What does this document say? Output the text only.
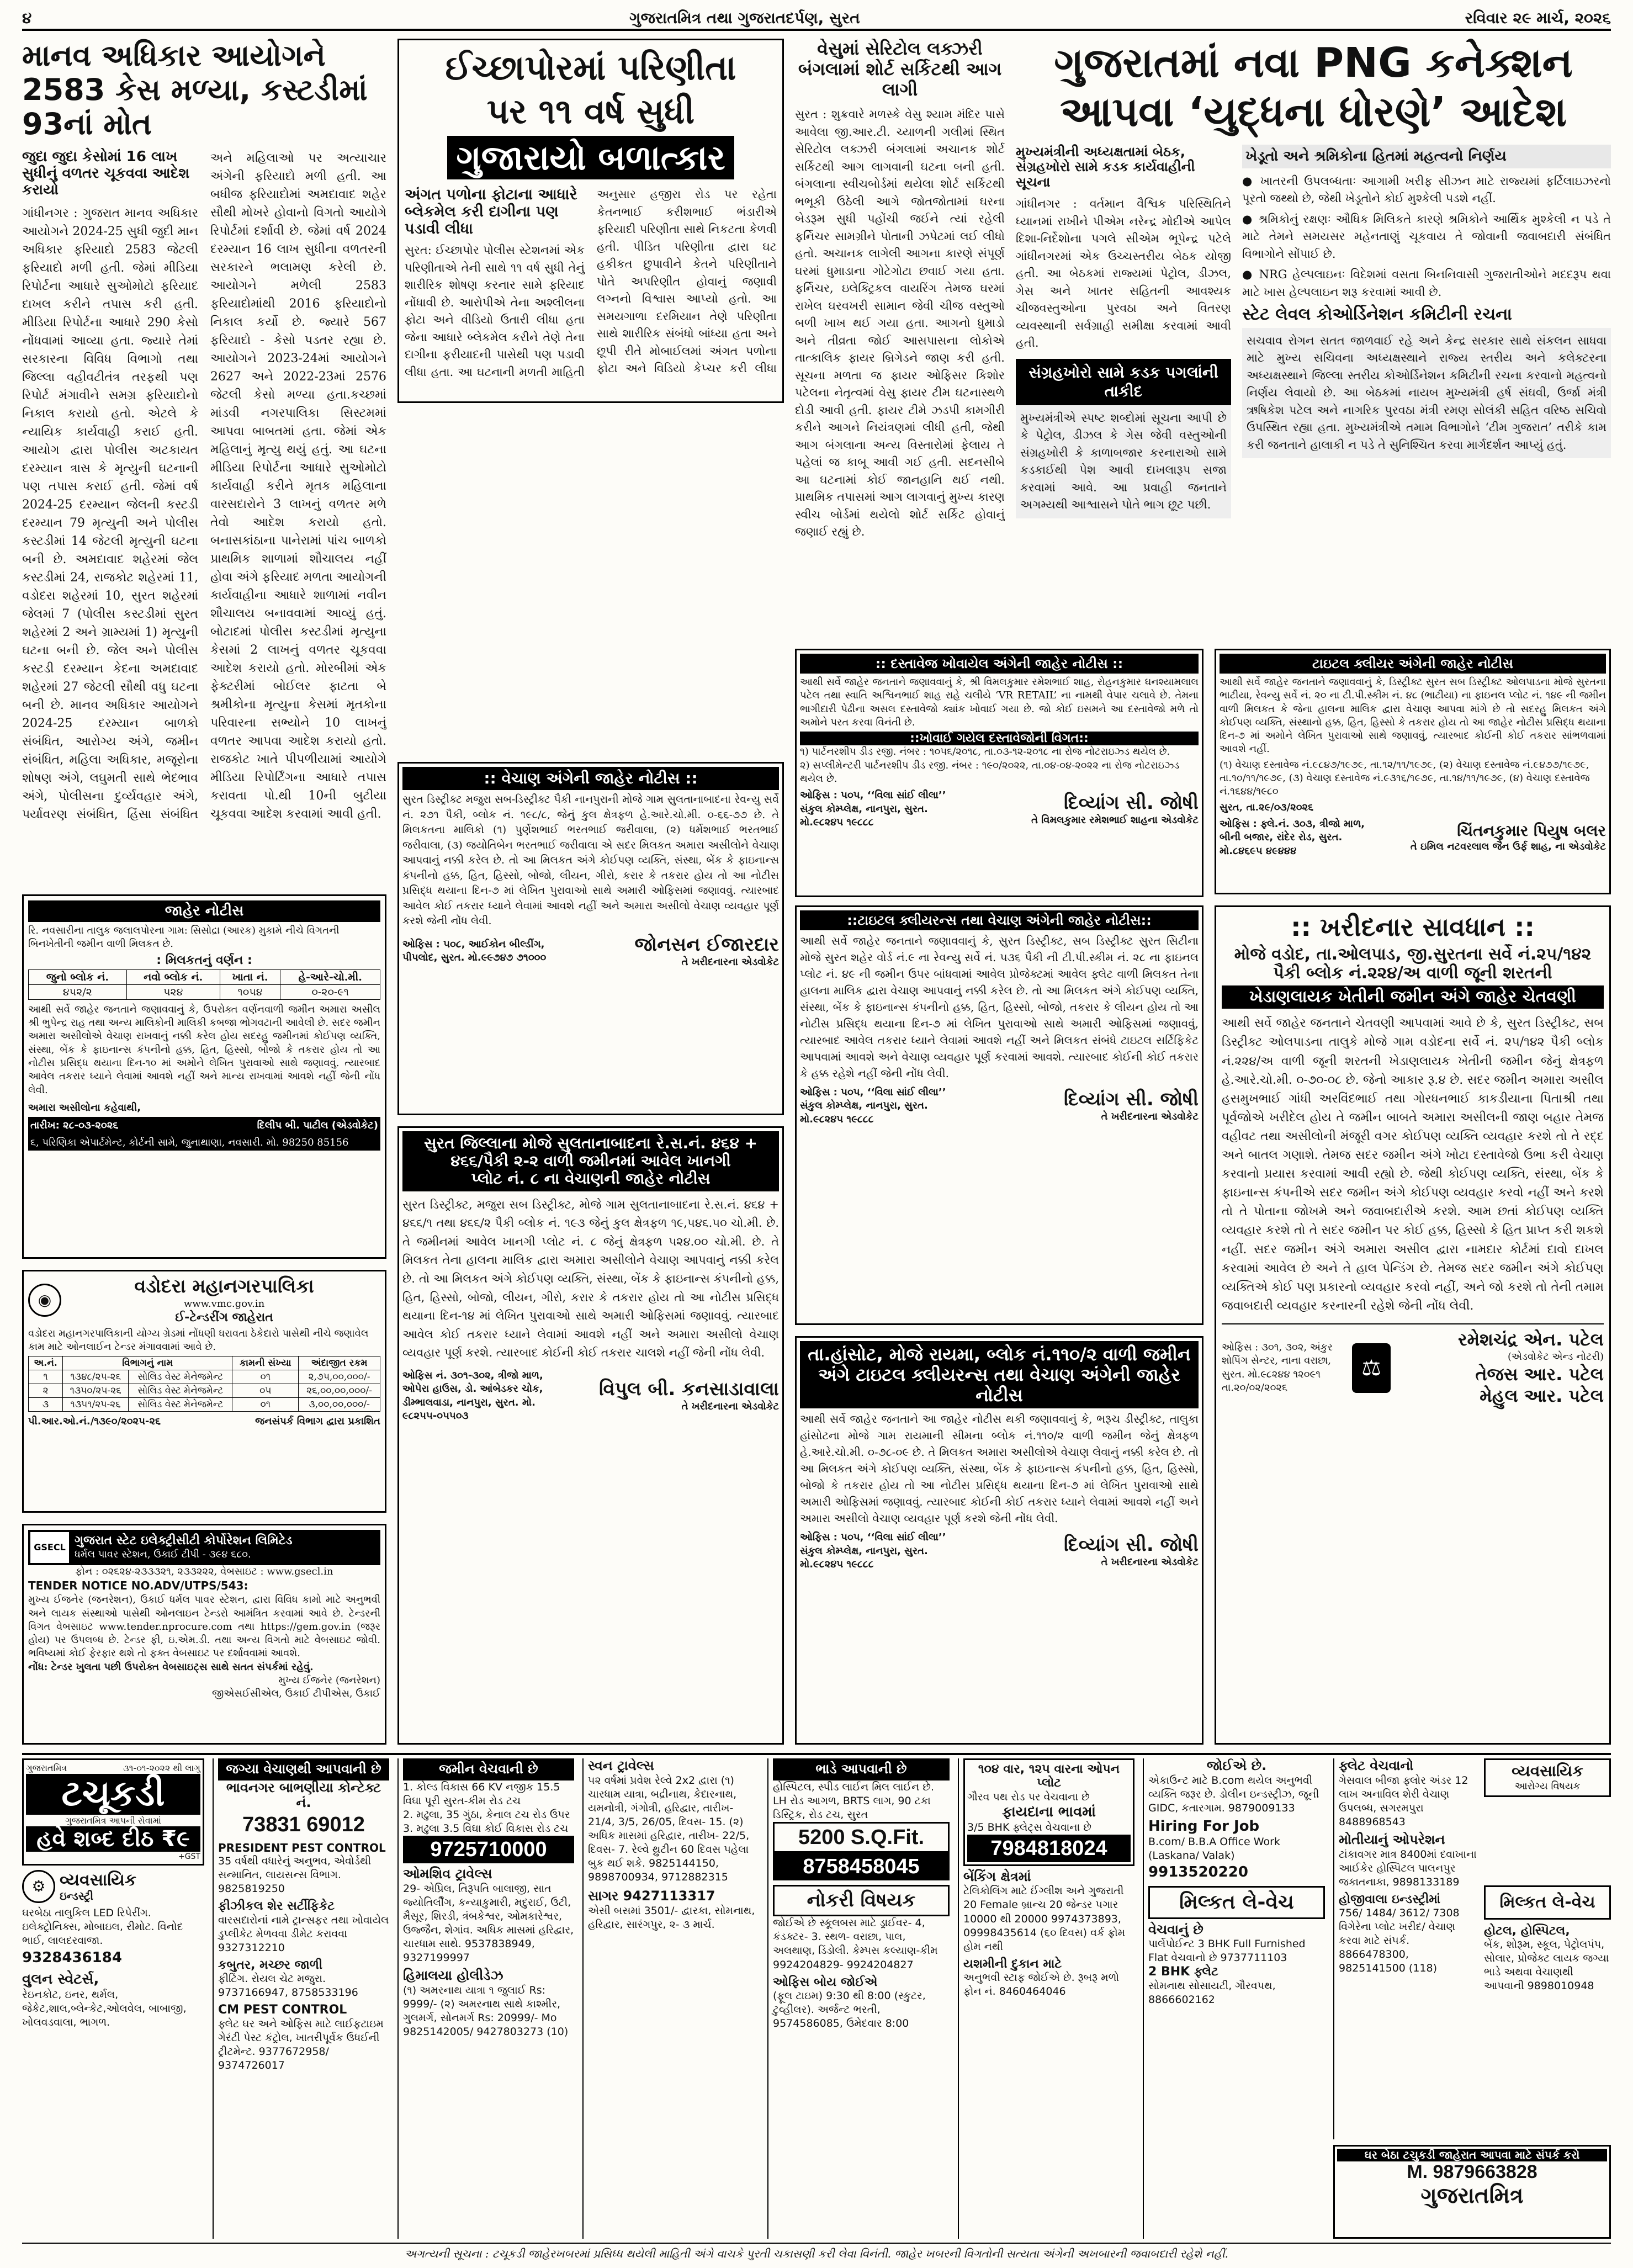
૪	ગુજરાતમિત્ર તથા ગુજરાતદર્પણ, સુરત	રવિવાર ૨૯ માર્ચ, ૨૦૨૬
માનવ અધિકાર આયોગને 2583 કેસ મળ્યા, કસ્ટડીમાં 93નાં મોત
જુદા જુદા કેસોમાં 16 લાખ સુધીનું વળતર ચૂકવવા આદેશ કરાયો
ગાંધીનગર : ગુજરાત માનવ અધિકાર આયોગને 2024-25 સુધી જુદી માન અધિકાર ફરિયાદો 2583 જેટલી ફરિયાદો મળી હતી. જેમાં મીડિયા રિપોર્ટના આધારે સુઓમોટો ફરિયાદ દાખલ કરીને તપાસ કરી હતી. મીડિયા રિપોર્ટના આધારે 290 કેસો નોંધવામાં આવ્યા હતા. જ્યારે તેમાં સરકારના વિવિધ વિભાગો તથા જિલ્લા વહીવટીતંત્ર તરફથી પણ રિપોર્ટ મંગાવીને સમગ્ર ફરિયાદોનો નિકાલ કરાયો હતો. એટલે કે ન્યાયિક કાર્યવાહી કરાઈ હતી. આયોગ દ્વારા પોલીસ અટકાયત દરમ્યાન ત્રાસ કે મૃત્યુની ઘટનાની પણ તપાસ કરાઈ હતી. જેમાં વર્ષ 2024-25 દરમ્યાન જેલની કસ્ટડી દરમ્યાન 79 મૃત્યુની અને પોલીસ કસ્ટડીમાં 14 જેટલી મૃત્યુની ઘટના બની છે. અમદાવાદ શહેરમાં જેલ કસ્ટડીમાં 24, રાજકોટ શહેરમાં 11, વડોદરા શહેરમાં 10, સુરત શહેરમાં જેલમાં 7 (પોલીસ કસ્ટડીમાં સુરત શહેરમાં 2 અને ગ્રામ્યમાં 1) મૃત્યુની ઘટના બની છે. જેલ અને પોલીસ કસ્ટડી દરમ્યાન કેદના અમદાવાદ શહેરમાં 27 જેટલી સૌથી વધુ ઘટના બની છે. માનવ અધિકાર આયોગને 2024-25 દરમ્યાન બાળકો સંબંધિત, આરોગ્ય અંગે, જમીન સંબંધિત, મહિલા અધિકાર, મજૂરોના શોષણ અંગે, લઘુમતી સાથે ભેદભાવ અંગે, પોલીસના દુર્વ્યવહાર અંગે, પર્યાવરણ સંબંધિત, હિંસા સંબંધિત અને મહિલાઓ પર અત્યાચાર અંગેની ફરિયાદો મળી હતી. આ બધીજ ફરિયાદોમાં અમદાવાદ શહેર સૌથી મોખરે હોવાનો વિગતો આયોગે રિપોર્ટમાં દર્શાવી છે. જેમાં વર્ષ 2024 દરમ્યાન 16 લાખ સુધીના વળતરની સરકારને ભલામણ કરેલી છે. આયોગને મળેલી 2583 ફરિયાદોમાંથી 2016 ફરિયાદોનો નિકાલ કર્યો છે. જ્યારે 567 ફરિયાદો - કેસો પડતર રહ્યા છે. આયોગને 2023-24માં આયોગને 2627 અને 2022-23માં 2576 જેટલી કેસો મળ્યા હતા.કચ્છમાં માંડવી નગરપાલિકા સિસ્ટમમાં આપવા બાબતમાં હતા. જેમાં એક મહિલાનું મૃત્યુ થયું હતું. આ ઘટના મીડિયા રિપોર્ટના આધારે સુઓમોટો કાર્યવાહી કરીને મૃતક મહિલાના વારસદારોને 3 લાખનું વળતર મળે તેવો આદેશ કરાયો હતો. બનાસકાંઠાના પાનેરામાં પાંચ બાળકો પ્રાથમિક શાળામાં શૌચાલય નહીં હોવા અંગે ફરિયાદ મળતા આયોગની કાર્યવાહીના આધારે શાળામાં નવીન શૌચાલય બનાવવામાં આવ્યું હતું. બોટાદમાં પોલીસ કસ્ટડીમાં મૃત્યુના કેસમાં 2 લાખનું વળતર ચૂકવવા આદેશ કરાયો હતો. મોરબીમાં એક ફેક્ટરીમાં બોઈલર ફાટતા બે શ્રમીકોના મૃત્યુના કેસમાં મૃતકોના પરિવારના સભ્યોને 10 લાખનું વળતર આપવા આદેશ કરાયો હતો. રાજકોટ ખાતે પીપળીયામાં આયોગે મીડિયા રિપોર્ટિંગના આધારે તપાસ કરાવતા પો.થી 10ની બુટીયા ચૂકવવા આદેશ કરવામાં આવી હતી.
ઈચ્છાપોરમાં પરિણીતા
પર ૧૧ વર્ષ સુધી
ગુજારાયો બળાત્કાર
અંગત પળોના ફોટાના આધારે બ્લેકમેલ કરી દાગીના પણ પડાવી લીધા
સુરત: ઈચ્છાપોર પોલીસ સ્ટેશનમાં એક પરિણીતાએ તેની સાથે ૧૧ વર્ષ સુધી તેનું શારીરિક શોષણ કરનાર સામે ફરિયાદ નોંધાવી છે. આરોપીએ તેના અશ્લીલના ફોટા અને વીડિયો ઉતારી લીધા હતા જેના આધારે બ્લેકમેલ કરીને તેણે તેના દાગીના ફરીયાદની પાસેથી પણ પડાવી લીધા હતા. આ ઘટનાની મળતી માહિતી અનુસાર હજીરા રોડ પર રહેતા કેતનભાઈ કરીશભાઈ ભંડારીએ ફરિયાદી પરિણીતા સાથે નિકટતા કેળવી હતી. પીડિત પરિણીતા દ્વારા ઘટ હકીકત છુપાવીને કેતને પરિણીતાને પોતે અપરિણીત હોવાનું જણાવી લગ્નનો વિશ્વાસ આપ્યો હતો. આ સમયગાળા દરમિયાન તેણે પરિણીતા સાથે શારીરિક સંબંધો બાંધ્યા હતા અને છૂપી રીતે મોબાઈલમાં અંગત પળોના ફોટા અને વિડિયો કેપ્ચર કરી લીધા
વેસુમાં સેરિટોલ લક્ઝરી બંગલામાં શોર્ટ સર્કિટથી આગ લાગી
સુરત : શુક્રવારે મળસ્કે વેસુ શ્યામ મંદિર પાસે આવેલા જી.આર.ટી. ચ્યાળની ગલીમાં સ્થિત સેરિટોલ લક્ઝરી બંગલામાં અચાનક શોર્ટ સર્કિટથી આગ લાગવાની ઘટના બની હતી. બંગલાના સ્વીચબોર્ડમાં થયેલા શોર્ટ સર્કિટથી ભભૂકી ઉઠેલી આગે જોતજોતામાં ઘરના બેડરૂમ સુધી પહોંચી જઈને ત્યાં રહેલી ફર્નિચર સામગ્રીને પોતાની ઝપેટમાં લઈ લીધો હતો. અચાનક લાગેલી આગના કારણે સંપૂર્ણ ઘરમાં ધુમાડાના ગોટેગોટા છવાઈ ગયા હતા. ફર્નિચર, ઇલેક્ટ્રિકલ વાયરિંગ તેમજ ઘરમાં રાખેલ ઘરવખરી સામાન જેવી ચીજ વસ્તુઓ બળી ખાખ થઈ ગયા હતા. આગનો ધુમાડો અને તીવ્રતા જોઈ આસપાસના લોકોએ તાત્કાલિક ફાયર બ્રિગેડને જાણ કરી હતી. સૂચના મળતા જ ફાયર ઓફિસર કિશોર પટેલના નેતૃત્વમાં વેસુ ફાયર ટીમ ઘટનાસ્થળે દોડી આવી હતી. ફાયર ટીમે ઝડપી કામગીરી કરીને આગને નિયંત્રણમાં લીધી હતી, જેથી આગ બંગલાના અન્ય વિસ્તારોમાં ફેલાય તે પહેલાં જ કાબૂ આવી ગઈ હતી. સદનસીબે આ ઘટનામાં કોઈ જાનહાનિ થઈ નથી. પ્રાથમિક તપાસમાં આગ લાગવાનું મુખ્ય કારણ સ્વીચ બોર્ડમાં થયેલો શોર્ટ સર્કિટ હોવાનું જણાઈ રહ્યું છે.
ગુજરાતમાં નવા PNG કનેક્શન આપવા ‘યુદ્ધના ધોરણે’ આદેશ
મુખ્યમંત્રીની અધ્યક્ષતામાં બેઠક, સંગ્રહખોરો સામે કડક કાર્યવાહીની સૂચના
ગાંધીનગર : વર્તમાન વૈશ્વિક પરિસ્થિતિને ધ્યાનમાં રાખીને પીએમ નરેન્દ્ર મોદીએ આપેલ દિશા-નિર્દેશોના પગલે સીએમ ભૂપેન્દ્ર પટેલે ગાંધીનગરમાં એક ઉચ્ચસ્તરીય બેઠક યોજી હતી. આ બેઠકમાં રાજ્યમાં પેટ્રોલ, ડીઝલ, ગેસ અને ખાતર સહિતની આવશ્યક ચીજવસ્તુઓના પુરવઠા અને વિતરણ વ્યવસ્થાની સર્વગ્રાહી સમીક્ષા કરવામાં આવી હતી.
સંગ્રહખોરો સામે કડક પગલાંની તાકીદ
મુખ્યમંત્રીએ સ્પષ્ટ શબ્દોમાં સૂચના આપી છે કે પેટ્રોલ, ડીઝલ કે ગેસ જેવી વસ્તુઓની સંગ્રહખોરી કે કાળાબજાર કરનારાઓ સામે કડકાઈથી પેશ આવી દાખલારૂપ સજા કરવામાં આવે. આ પ્રવાહી જનતાને અગમ્યથી આશ્વાસને પોતે ભાગ છૂટ પછી.
ખેડૂતો અને શ્રમિકોના હિતમાં મહત્વનો નિર્ણય
● ખાતરની ઉપલબ્ધતાઃ આગામી ખરીફ સીઝન માટે રાજ્યમાં ફર્ટિલાઇઝરનો પૂરતો જથ્થો છે, જેથી ખેડૂતોને કોઈ મુશ્કેલી પડશે નહીં.
● શ્રમિકોનું રક્ષણઃ ઔધિક મિલિકતે કારણે શ્રમિકોને આર્થિક મુશ્કેલી ન પડે તે માટે તેમને સમયસર મહેનતાણું ચૂકવાય તે જોવાની જવાબદારી સંબંધિત વિભાગોને સોંપાઈ છે.
● NRG હેલ્પલાઇનઃ વિદેશમાં વસતા બિનનિવાસી ગુજરાતીઓને મદદરૂપ થવા માટે ખાસ હેલ્પલાઇન શરૂ કરવામાં આવી છે.
સ્ટેટ લેવલ કોઓર્ડિનેશન કમિટીની રચના
સચવાવ રોગન સતત જાળવાઈ રહે અને કેન્દ્ર સરકાર સાથે સંકલન સાધવા માટે મુખ્ય સચિવના અધ્યક્ષસ્થાને રાજ્ય સ્તરીય અને કલેક્ટરના અધ્યક્ષસ્થાને જિલ્લા સ્તરીય કોઓર્ડિનેશન કમિટીની રચના કરવાનો મહત્વનો નિર્ણય લેવાયો છે. આ બેઠકમાં નાયબ મુખ્યમંત્રી હર્ષ સંઘવી, ઉર્જા મંત્રી ઋષિકેશ પટેલ અને નાગરિક પુરવઠા મંત્રી રમણ સોલંકી સહિત વરિષ્ઠ સચિવો ઉપસ્થિત રહ્યા હતા. મુખ્યમંત્રીએ તમામ વિભાગોને ‘ટીમ ગુજરાત’ તરીકે કામ કરી જનતાને હાલાકી ન પડે તે સુનિશ્ચિત કરવા માર્ગદર્શન આપ્યું હતું.
ટાઇટલ ક્લીયર અંગેની જાહેર નોટીસ
આથી સર્વે જાહેર જનતાને જણાવવાનું કે, ડિસ્ટ્રીક્ટ સુરત સબ ડિસ્ટ્રીક્ટ ઓલપાડના મોજે સુરતના ભાટીયા, રેવન્યુ સર્વે નં. ૨૦ ના ટી.પી.સ્કીમ નં. ૪૮ (ભાટીયા) ના ફાઇનલ પ્લોટ નં. ૧૪૯ ની જમીન વાળી મિલકત કે જેના હાલના માલિક દ્વારા વેચાણ આપવા માંગે છે તો સદરહુ મિલકત અંગે કોઈપણ વ્યક્તિ, સંસ્થાનો હક્ક, હિત, હિસ્સો કે તકરાર હોય તો આ જાહેર નોટીસ પ્રસિદ્ધ થયાના દિન-૭ માં અમોને લેખિત પુરાવાઓ સાથે જણાવવું, ત્યારબાદ કોઈની કોઈ તકરાર સાંભળવામાં આવશે નહીં.
(૧) વેચાણ દસ્તાવેજ નં.૯૮૪૭/૧૯૭૯, તા.૧૨/૧૧/૧૯૭૯, (૨) વેચાણ દસ્તાવેજ નં.૯૪૭૭/૧૯૭૯, તા.૧૦/૧૧/૧૯૭૯, (૩) વેચાણ દસ્તાવેજ નં.૯૩૧૬/૧૯૭૯, તા.૧૪/૧૧/૧૯૭૯, (૪) વેચાણ દસ્તાવેજ નં.૧૬૪૪/૧૯૮૦
સુરત, તા.૨૯/૦૩/૨૦૨૬
ઓફિસ : ફ્લે.નં. ૩૦૩, ત્રીજો માળ, બીની બજાર, રાંદેર રોડ, સુરત. મો.૮૪૬૯૫ ૪૯૪૪૪
ચિંતનકુમાર પિયુષ બલર
તે ઇમિલ નટવરલાલ જૈન ઉર્ફ શાહ, ના એડવોકેટ
:: ખરીદનાર સાવધાન ::
મોજે વડોદ, તા.ઓલપાડ, જી.સુરતના સર્વે નં.૨૫/૧૪૨
પૈકી બ્લોક નં.૨૨૪/અ વાળી જૂની શરતની
ખેડાણલાયક ખેતીની જમીન અંગે જાહેર ચેતવણી
આથી સર્વે જાહેર જનતાને ચેતવણી આપવામાં આવે છે કે, સુરત ડિસ્ટ્રીક્ટ, સબ ડિસ્ટ્રીક્ટ ઓલપાડના તાલુકે મોજે ગામ વડોદના સર્વે નં. ૨૫/૧૪૨ પૈકી બ્લોક નં.૨૨૪/અ વાળી જૂની શરતની ખેડાણલાયક ખેતીની જમીન જેનું ક્ષેત્રફળ હે.આરે.ચો.મી. ૦-૭૦-૦૮ છે. જેનો આકાર રૂ.૪ છે. સદર જમીન અમારા અસીલ હસમુખભાઈ ગાંધી અરવિંદભાઈ તથા ગોરધનભાઈ કાકડીયાના પિતાશ્રી તથા પૂર્વજોએ ખરીદેલ હોય તે જમીન બાબતે અમારા અસીલની જાણ બહાર તેમજ વહીવટ તથા અસીલોની મંજૂરી વગર કોઈપણ વ્યક્તિ વ્યવહાર કરશે તો તે રદ્દ અને બાતલ ગણાશે. તેમજ સદર જમીન અંગે ખોટા દસ્તાવેજો ઉભા કરી વેચાણ કરવાનો પ્રયાસ કરવામાં આવી રહ્યો છે. જેથી કોઈપણ વ્યક્તિ, સંસ્થા, બેંક કે ફાઇનાન્સ કંપનીએ સદર જમીન અંગે કોઈપણ વ્યવહાર કરવો નહીં અને કરશે તો તે પોતાના જોખમે અને જવાબદારીએ કરશે. આમ છતાં કોઈપણ વ્યક્તિ વ્યવહાર કરશે તો તે સદર જમીન પર કોઈ હક્ક, હિસ્સો કે હિત પ્રાપ્ત કરી શકશે નહીં. સદર જમીન અંગે અમારા અસીલ દ્વારા નામદાર કોર્ટમાં દાવો દાખલ કરવામાં આવેલ છે અને તે હાલ પેન્ડિંગ છે. તેમજ સદર જમીન અંગે કોઈપણ વ્યક્તિએ કોઈ પણ પ્રકારનો વ્યવહાર કરવો નહીં, અને જો કરશે તો તેની તમામ જવાબદારી વ્યવહાર કરનારની રહેશે જેની નોંધ લેવી.
ઓફિસ : ૩૦૧, ૩૦૨, અંકુર શોપિંગ સેન્ટર, નાના વરાછા, સુરત. મો.૯૮૨૪૪ ૧૨૦૯૧ તા.૨૦/૦૨/૨૦૨૬
⚖
રમેશચંદ્ર એન. પટેલ
(એડવોકેટ એન્ડ નોટરી)
તેજસ આર. પટેલ
મેહુલ આર. પટેલ
:: દસ્તાવેજ ખોવાયેલ અંગેની જાહેર નોટીસ ::
આથી સર્વે જાહેર જનતાને જણાવવાનું કે, શ્રી વિમલકુમાર રમેશભાઈ શાહ, રોહનકુમાર ઘનશ્યામલાલ પટેલ તથા સ્વાતિ અશ્વિનભાઈ શાહ રાહે ચલીયે ‘VR RETAIL’ ના નામથી વેપાર ચલાવે છે. તેમના ભાગીદારી પેઢીના અસલ દસ્તાવેજો ક્યાંક ખોવાઈ ગયા છે. જો કોઈ ઇસમને આ દસ્તાવેજો મળે તો અમોને પરત કરવા વિનંતી છે.
::ખોવાઈ ગયેલ દસ્તાવેજોની વિગત::
૧) પાર્ટનરશીપ ડીડ રજી. નંબર : ૧૦૫૬/૨૦૧૮, તા.૦૩-૧૨-૨૦૧૮ ના રોજ નોટરાઇઝ્ડ થયેલ છે.
૨) સપ્લીમેન્ટરી પાર્ટનરશીપ ડીડ રજી. નંબર : ૧૯૦/૨૦૨૨, તા.૦૪-૦૪-૨૦૨૨ ના રોજ નોટરાઇઝ્ડ થયેલ છે.
ઓફિસ : ૫૦૫, ‘‘વિલા સાંઈ લીલા’’ સંકુલ કોમ્પ્લેક્ષ, નાનપુરા, સુરત. મો.૯૮૨૪૫ ૧૯૮૮૮
દિવ્યાંગ સી. જોષી
તે વિમલકુમાર રમેશભાઈ શાહના એડવોકેટ
::ટાઇટલ ક્લીયરન્સ તથા વેચાણ અંગેની જાહેર નોટીસ::
આથી સર્વે જાહેર જનતાને જણાવવાનું કે, સુરત ડિસ્ટ્રીક્ટ, સબ ડિસ્ટ્રીક્ટ સુરત સિટીના મોજે સુરત શહેર વોર્ડ નં.૯ ના રેવન્યુ સર્વે નં. ૫૩૬ પૈકી ની ટી.પી.સ્કીમ નં. ૨૮ ના ફાઇનલ પ્લોટ નં. ૪૯ ની જમીન ઉપર બાંધવામાં આવેલ પ્રોજેક્ટમાં આવેલ ફ્લેટ વાળી મિલકત તેના હાલના માલિક દ્વારા વેચાણ આપવાનું નક્કી કરેલ છે. તો આ મિલકત અંગે કોઈપણ વ્યક્તિ, સંસ્થા, બેંક કે ફાઇનાન્સ કંપનીનો હક્ક, હિત, હિસ્સો, બોજો, તકરાર કે લીયન હોય તો આ નોટીસ પ્રસિદ્ધ થયાના દિન-૭ માં લેખિત પુરાવાઓ સાથે અમારી ઓફિસમાં જણાવવું, ત્યારબાદ આવેલ તકરાર ધ્યાને લેવામાં આવશે નહીં અને મિલકત સંબંધે ટાઇટલ સર્ટિફિકેટ આપવામાં આવશે અને વેચાણ વ્યવહાર પૂર્ણ કરવામાં આવશે. ત્યારબાદ કોઈની કોઈ તકરાર કે હક્ક રહેશે નહીં જેની નોંધ લેવી.
ઓફિસ : ૫૦૫, ‘‘વિલા સાંઈ લીલા’’ સંકુલ કોમ્પ્લેક્ષ, નાનપુરા, સુરત. મો.૯૮૨૪૫ ૧૯૮૮૮
દિવ્યાંગ સી. જોષી
તે ખરીદનારના એડવોકેટ
તા.હાંસોટ, મોજે રાયમા, બ્લોક નં.૧૧૦/૨ વાળી જમીન અંગે ટાઇટલ ક્લીયરન્સ તથા વેચાણ અંગેની જાહેર નોટીસ
આથી સર્વે જાહેર જનતાને આ જાહેર નોટીસ થકી જણાવવાનું કે, ભરૂચ ડીસ્ટ્રીક્ટ, તાલુકા હાંસોટના મોજે ગામ રાયમાની સીમના બ્લોક નં.૧૧૦/૨ વાળી જમીન જેનું ક્ષેત્રફળ હે.આરે.ચો.મી. ૦-૭૮-૦૯ છે. તે મિલકત અમારા અસીલોએ વેચાણ લેવાનું નક્કી કરેલ છે. તો આ મિલકત અંગે કોઈપણ વ્યક્તિ, સંસ્થા, બેંક કે ફાઇનાન્સ કંપનીનો હક્ક, હિત, હિસ્સો, બોજો કે તકરાર હોય તો આ નોટીસ પ્રસિદ્ધ થયાના દિન-૭ માં લેખિત પુરાવાઓ સાથે અમારી ઓફિસમાં જણાવવું. ત્યારબાદ કોઈની કોઈ તકરાર ધ્યાને લેવામાં આવશે નહીં અને અમારા અસીલો વેચાણ વ્યવહાર પૂર્ણ કરશે જેની નોંધ લેવી.
ઓફિસ : ૫૦૫, ‘‘વિલા સાંઈ લીલા’’ સંકુલ કોમ્પ્લેક્ષ, નાનપુરા, સુરત. મો.૯૮૨૪૫ ૧૯૮૮૮
દિવ્યાંગ સી. જોષી
તે ખરીદનારના એડવોકેટ
:: વેચાણ અંગેની જાહેર નોટીસ ::
સુરત ડિસ્ટ્રીક્ટ મજુરા સબ-ડિસ્ટ્રીક્ટ પૈકી નાનપુરાની મોજે ગામ સુલતાનાબાદના રેવન્યુ સર્વે નં. ૨૭૧ પૈકી, બ્લોક નં. ૧૯૮/૮, જેનું કુલ ક્ષેત્રફળ હે.આરે.ચો.મી. ૦-૬૬-૭૭ છે. તે મિલકતના માલિકો (૧) પુર્ણેશભાઈ ભરતભાઈ જરીવાલા, (૨) ધર્મેશભાઈ ભરતભાઈ જરીવાલા, (૩) જયોતિબેન ભરતભાઈ જરીવાલા એ સદર મિલકત અમારા અસીલોને વેચાણ આપવાનું નક્કી કરેલ છે. તો આ મિલકત અંગે કોઈપણ વ્યક્તિ, સંસ્થા, બેંક કે ફાઇનાન્સ કંપનીનો હક્ક, હિત, હિસ્સો, બોજો, લીયન, ગીરો, કરાર કે તકરાર હોય તો આ નોટીસ પ્રસિદ્ધ થયાના દિન-૭ માં લેખિત પુરાવાઓ સાથે અમારી ઓફિસમાં જણાવવું. ત્યારબાદ આવેલ કોઈ તકરાર ધ્યાને લેવામાં આવશે નહીં અને અમારા અસીલો વેચાણ વ્યવહાર પૂર્ણ કરશે જેની નોંધ લેવી.
ઓફિસ : ૫૦૮, આઈકોન બીલ્ડીંગ, પીપલોદ, સુરત. મો.૯૯૭૪૭ ૭૧૦૦૦
જોનસન ઈજારદાર
તે ખરીદનારના એડવોકેટ
સુરત જિલ્લાના મોજે સુલતાનાબાદના રે.સ.નં. ૪૬૪ +
૪૬૬/પૈકી ૨-૨ વાળી જમીનમાં આવેલ ખાનગી
પ્લોટ નં. ૮ ના વેચાણની જાહેર નોટીસ
સુરત ડિસ્ટ્રીક્ટ, મજુરા સબ ડિસ્ટ્રીક્ટ, મોજે ગામ સુલતાનાબાદના રે.સ.નં. ૪૬૪ + ૪૬૬/૧ તથા ૪૬૬/૨ પૈકી બ્લોક નં. ૧૯૩ જેનું કુલ ક્ષેત્રફળ ૧૯,૫૪૬.૫૦ ચો.મી. છે. તે જમીનમાં આવેલ ખાનગી પ્લોટ નં. ૮ જેનું ક્ષેત્રફળ ૫૨૪.૦૦ ચો.મી. છે. તે મિલકત તેના હાલના માલિક દ્વારા અમારા અસીલોને વેચાણ આપવાનું નક્કી કરેલ છે. તો આ મિલકત અંગે કોઈપણ વ્યક્તિ, સંસ્થા, બેંક કે ફાઇનાન્સ કંપનીનો હક્ક, હિત, હિસ્સો, બોજો, લીયન, ગીરો, કરાર કે તકરાર હોય તો આ નોટીસ પ્રસિદ્ધ થયાના દિન-૧૪ માં લેખિત પુરાવાઓ સાથે અમારી ઓફિસમાં જણાવવું. ત્યારબાદ આવેલ કોઈ તકરાર ધ્યાને લેવામાં આવશે નહીં અને અમારા અસીલો વેચાણ વ્યવહાર પૂર્ણ કરશે. ત્યારબાદ કોઈની કોઈ તકરાર ચાલશે નહીં જેની નોંધ લેવી.
ઓફિસ નં. ૩૦૧-૩૦૨, ત્રીજો માળ, ઓપેરા હાઉસ, ડો. આંબેડકર ચોક, ડીમ્ભાલવાડા, નાનપુરા, સુરત. મો. ૯૮૨૫૫-૦૫૫૦૩
વિપુલ બી. કનસાડાવાલા
તે ખરીદનારના એડવોકેટ
જાહેર નોટીસ
રિ. નવસારીના તાલુક જલાલપોરના ગામ: સિસોદ્રા (આરક) મુકામે નીચે વિગતની બિનખેતીની જમીન વાળી મિલકત છે.
: મિલકતનું વર્ણન :
જુનો બ્લોક નં.	નવો બ્લોક નં.	ખાતા નં.	હે-આરે-ચો.મી.
૪૫૨/૨	૫૨૪	૧૦૫૪	૦-૨૦-૯૧
આથી સર્વે જાહેર જનતાને જણાવવાનું કે, ઉપરોક્ત વર્ણનવાળી જમીન અમારા અસીલ શ્રી ભુપેન્દ્ર રાહ તથા અન્ય માલિકોની માલિકી કબજા ભોગવટાની આવેલી છે. સદર જમીન અમારા અસીલોએ વેચાણ રાખવાનું નક્કી કરેલ હોય સદરહુ જમીનમાં કોઈપણ વ્યક્તિ, સંસ્થા, બેંક કે ફાઇનાન્સ કંપનીનો હક્ક, હિત, હિસ્સો, બોજો કે તકરાર હોય તો આ નોટીસ પ્રસિદ્ધ થયાના દિન-૧૦ માં અમોને લેખિત પુરાવાઓ સાથે જણાવવું. ત્યારબાદ આવેલ તકરાર ધ્યાને લેવામાં આવશે નહીં અને માન્ય રાખવામાં આવશે નહીં જેની નોંધ લેવી.
અમારા અસીલોના કહેવાથી,
તારીખ: ૨૮-૦૩-૨૦૨૬	દિલીપ બી. પાટીલ (એડવોકેટ)
૬, પરિણિકા એપાર્ટમેન્ટ, કોર્ટની સામે, જુનાથાણા, નવસારી. મો. 98250 85156
◉
વડોદરા મહાનગરપાલિકા
www.vmc.gov.in
ઈ-ટેન્ડરીંગ જાહેરાત
વડોદરા મહાનગરપાલિકાની યોગ્ય ગ્રેડમાં નોંધણી ધરાવતા ઠેકેદારો પાસેથી નીચે જણાવેલ કામ માટે ઓનલાઈન ટેન્ડર મંગાવવામાં આવે છે.
અ.નં.	વિભાગનું નામ		કામની સંખ્યા	અંદાજીત રકમ
૧	૧૩૪૮/૨૫-૨૬	સોલિડ વેસ્ટ મેનેજમેન્ટ	૦૧	૨,૭૫,૦૦,૦૦૦/-
૨	૧૩૫૦/૨૫-૨૬	સોલિડ વેસ્ટ મેનેજમેન્ટ	૦૫	૨૬,૦૦,૦૦,૦૦૦/-
૩	૧૩૫૧/૨૫-૨૬	સોલિડ વેસ્ટ મેનેજમેન્ટ	૦૧	૩,૦૦,૦૦,૦૦૦/-
પી.આર.ઓ.નં./૧૩૯૦/૨૦૨૫-૨૬	જનસંપર્ક વિભાગ દ્વારા પ્રકાશિત
GSECL ગુજરાત સ્ટેટ ઇલેક્ટ્રીસીટી કોર્પોરેશન લિમિટેડ
ધર્મલ પાવર સ્ટેશન, ઉકાઈ ટીપી - ૩૯૪ ૬૮૦.
ફોન : ૦૨૬૨૪-૨૩૩૩૨૧, ૨૩૩૨૨૨, વેબસાઇટ : www.gsecl.in
TENDER NOTICE NO.ADV/UTPS/543:
મુખ્ય ઈજનેર (જનરેશન), ઉકાઈ ધર્મલ પાવર સ્ટેશન, દ્વારા વિવિધ કામો માટે અનુભવી અને લાયક સંસ્થાઓ પાસેથી ઓનલાઇન ટેન્ડરો આમંત્રિત કરવામાં આવે છે. ટેન્ડરની વિગત વેબસાઇટ www.tender.nprocure.com તથા https://gem.gov.in (જરૂર હોય) પર ઉપલબ્ધ છે. ટેન્ડર ફી, ઇ.એમ.ડી. તથા અન્ય વિગતો માટે વેબસાઇટ જોવી. ભવિષ્યમાં કોઈ ફેરફાર થશે તો ફક્ત વેબસાઇટ પર દર્શાવવામાં આવશે.
નોંધ: ટેન્ડર ખુલતા પછી ઉપરોક્ત વેબસાઇટ્સ સાથે સતત સંપર્કમાં રહેવું.
મુખ્ય ઈજનેર (જનરેશન)
જીએસઈસીએલ, ઉકાઈ ટીપીએસ, ઉકાઈ
ગુજરાતમિત્ર	૩૧-૦૧-૨૦૨૨ થી લાગુ
ટચૂકડી
ગુજરાતમિત્ર આપની સેવામાં
હવે શબ્દ દીઠ ₹૯
+GST
⚙ વ્યવસાયિક
ઇન્ડસ્ટ્રી
ઘરબેઠા તાલુકિલ LED રિપેરીંગ. ઇલેક્ટ્રોનિક્સ, મોબાઇલ, રીમોટ. વિનોદ ભાઈ, લાલદરવાજા.
9328436184
વુલન સ્વેટર્સ,
રેઇનકોટ, ઇનર, થર્મલ, જેકેટ,શાલ,બ્લેન્કેટ,ઓલવેલ, બાબાજી, ખોલવડવાલા, ભાગળ.
જગ્યા વેચાણથી આપવાની છે
ભાવનગર બાભણીયા કોન્ટેક્ટ નં.
73831 69012
PRESIDENT PEST CONTROL
35 વર્ષથી વધારેનું અનુભવ, એવોર્ડથી સન્માનિત, લાયસન્સ વિભાગ. 9825819250
ફીઝીકલ શેર સર્ટીફિકેટ
વારસદારોનાં નામે ટ્રાન્સફર તથા ખોવાયેલ ડુપ્લીકેટ મેળવવા ડીમેટ કરાવવા 9327312210
કબુતર, મચ્છર જાળી
ફીટિંગ. રોયલ ચેટ મજુરા. 9737166947, 8758533196
CM PEST CONTROL
ફ્લેટ ઘર અને ઓફિસ માટે લાઈફટાઇમ ગેરંટી પેસ્ટ કંટ્રોલ, ખાતરીપૂર્વક ઉધઈની ટ્રીટમેન્ટ. 9377672958/ 9374726017
જમીન વેચવાની છે
1. કોલ્ડ વિકાસ 66 KV નજીક 15.5 વિઘા પૂરી સુરત-કીમ રોડ ટચ
2. મઢુલા, 35 ગુંઠા, કેનાલ ટચ રોડ ઉપર
3. મઢુલા 3.5 વિઘા કોઈ વિકાસ રોડ ટચ
9725710000
ઓમશિવ ટ્રાવેલ્સ
29- એપ્રિલ, તિરૂપતિ બાલાજી, સાત જ્યોતિર્લીંગ, કન્યાકુમારી, મદુરાઈ, ઉટી, મૈસૂર, શિરડી, ત્રંબકેશ્વર, ઓમકારેશ્વર, ઉજ્જૈન, શેગાંવ. અધિક માસમાં હરિદ્વાર, ચારધામ સાથે. 9537838949, 9327199997
હિમાલયા હોલીડેઝ
(૧) અમરનાથ યાત્રા ૧ જુલાઈ Rs: 9999/- (૨) અમરનાથ સાથે કાશ્મીર, ગુલમર્ગ, સોનમર્ગ Rs: 20999/- Mo 9825142005/ 9427803273 (10)
સ્વન ટ્રાવેલ્સ
૫૨ વર્ષમાં પ્રવેશ રેલ્વે 2x2 દ્વારા (૧) ચારધામ યાત્રા, બદ્રીનાથ, કેદારનાથ, યમનોત્રી, ગંગોત્રી, હરિદ્વાર, તારીખ- 21/4, 3/5, 26/05, દિવસ- 15. (૨) અધિક માસમાં હરિદ્વાર, તારીખ- 22/5, દિવસ- 7. રેલ્વે થ્રુટીન 60 દિવસ પહેલા બુક થઈ શકે. 9825144150, 9898700934, 9712882315
સાગર 9427113317
એસી બસમાં 3501/- દ્વારકા, સોમનાથ, હરિદ્વાર, સારંગપુર, ૨- ૩ માર્ચ.
ભાડે આપવાની છે
હોસ્પિટલ, સ્પીડ લાઈન મિલ લાઈન છે. LH રોડ આગળ, BRTS લાગ, 90 ટકા ડિસ્ટ્રિક, રોડ ટચ, સુરત
5200 S.Q.Fit.
8758458045
નોકરી વિષયક
જોઈએ છે સ્કૂલબસ માટે ડ્રાઈવર- 4, કંડક્ટર- 3. સ્થળ- વરાછા, પાલ, અલથાણ, ડિંડોલી. કેમ્પસ કલ્યાણ-કીમ 9924204829- 9924204827
ઓફિસ બોય જોઈએ
(ફૂલ ટાઇમ) 9:30 થી 8:00 (સ્કુટર, ટુવ્હીલર). અર્જન્ટ ભરતી, 9574586085, ઉમેદવાર 8:00
૧૦૪ વાર, ૧૨૫ વારના ઓપન પ્લોટ
ગૌરવ પથ રોડ પર વેચવાના છે
ફાયદાના ભાવમાં
3/5 BHK ફ્લેટ્સ વેચવાના છે
7984818024
બેંકિંગ ક્ષેત્રમાં
ટેલિકોલિંગ માટે ઈંગ્લીશ અને ગુજરાતી 20 Female બ્રાન્ચ 20 જેન્ડર પગાર 10000 થી 20000 9974373893, 09998435614 (૬૦ દિવસ) વર્ક ફ્રોમ હોમ નથી
યશમીની દુકાન માટે
અનુભવી સ્ટાફ જોઈએ છે. રૂબરૂ મળો ફોન નં. 8460464046
જોઈએ છે.
એકાઉન્ટ માટે B.com થયેલ અનુભવી વ્યક્તિ જરૂર છે. ડોલીન ઇન્ડસ્ટ્રીઝ, જૂની GIDC, કતારગામ. 9879009133
Hiring For Job
B.com/ B.B.A Office Work (Laskana/ Valak)
9913520220
મિલ્કત લે-વેચ
વેચવાનું છે
પાર્લેપોઈન્ટ 3 BHK Full Furnished Flat વેચવાનો છે 9737711103
2 BHK ફ્લેટ
સોમનાથ સોસાયટી, ગૌરવપથ, 8866602162
ફ્લેટ વેચવાનો
ગેસવાલ બીજા ફ્લોર અંડર 12 લાખ અનાવિલ શેરી વેચાણ ઉપલબ્ધ, સગરમપુરા 8488968543
મોતીયાનું ઓપરેશન
ટાંકાવગર માત્ર 8400માં દવાખાના આઈકેર હોસ્પિટલ પાલનપુર જકાતનાકા, 9898133189
હોજીવાલા ઇન્ડસ્ટ્રીમાં
756/ 1484/ 3612/ 7308 વિગેરેના પ્લોટ ખરીદ/ વેચાણ કરવા માટે સંપર્ક. 8866478300, 9825141500 (118)
વ્યવસાયિક
આરોગ્ય વિષયક
મિલ્કત લે-વેચ
હોટલ, હોસ્પિટલ,
બેંક, શોરૂમ, સ્કૂલ, પેટ્રોલપંપ, સોલાર, પ્રોજેક્ટ લાયક જગ્યા ભાડે અથવા વેચાણથી આપવાની 9898010948
ઘર બેઠા ટચુકડી જાહેરાત આપવા માટે સંપર્ક કરો
M. 9879663828
ગુજરાતમિત્ર
અગત્યની સૂચના : ટચૂકડી જાહેરખબરમાં પ્રસિધ્ધ થયેલી માહિતી અંગે વાચકે પુરતી ચકાસણી કરી લેવા વિનંતી. જાહેર ખબરની વિગતોની સત્યતા અંગેની અખબારની જવાબદારી રહેશે નહીં.
